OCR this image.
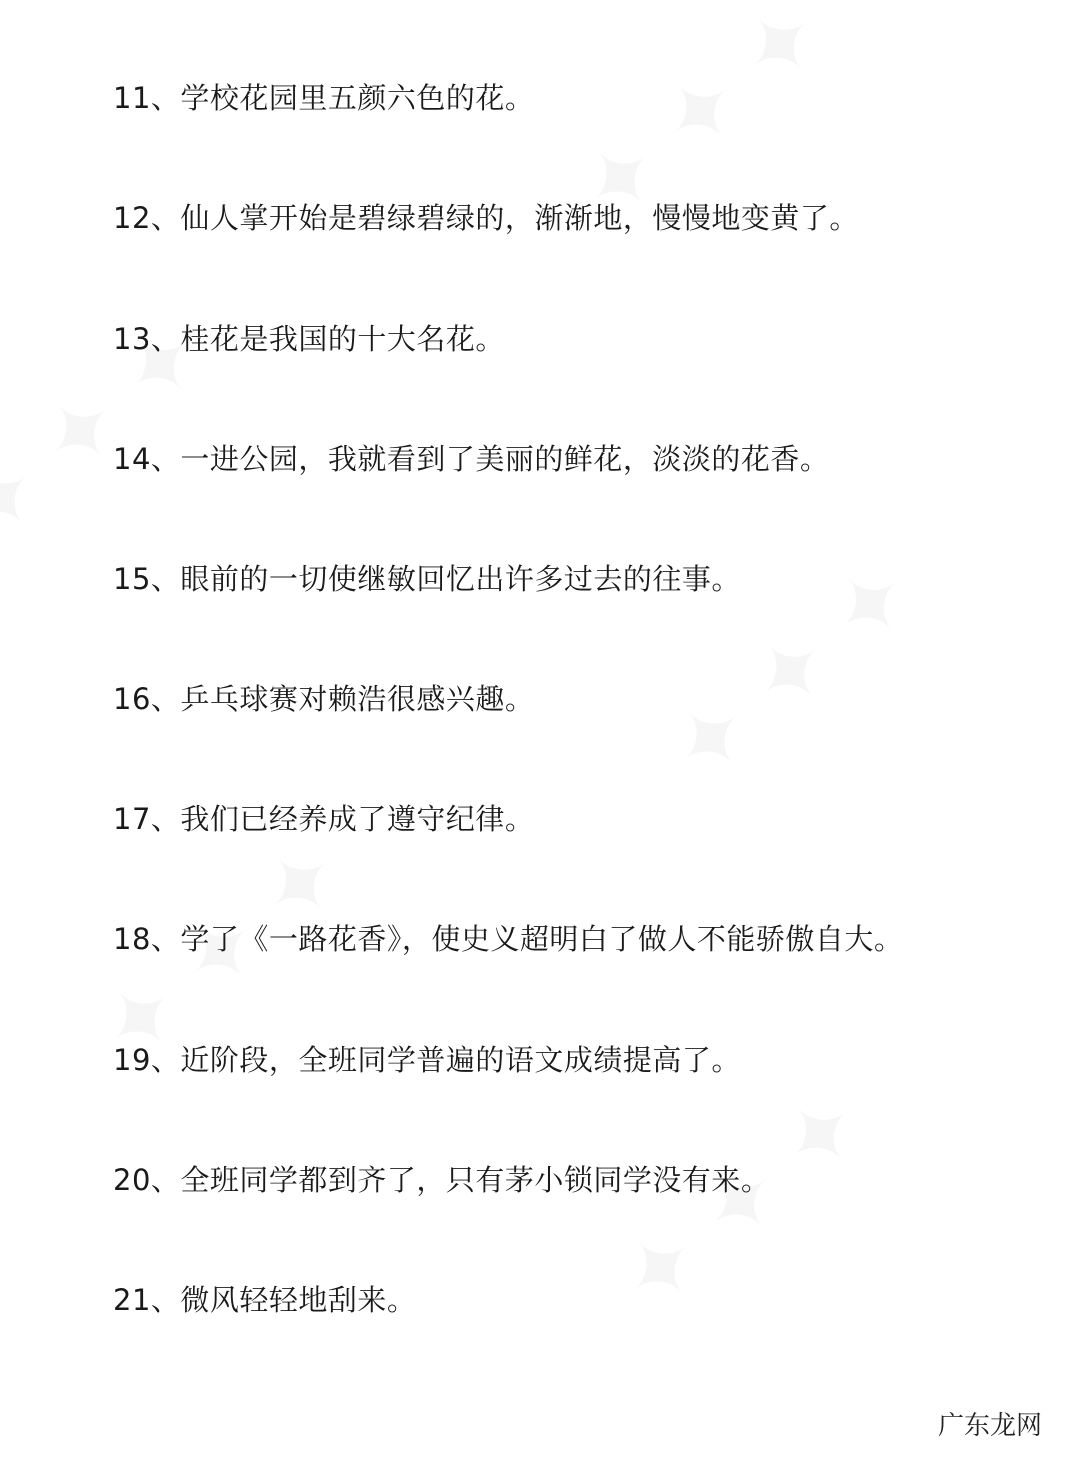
11、学校花园里五颜六色的花。
12、仙人掌开始是碧绿碧绿的，渐渐地，慢慢地变黄了。
13、桂花是我国的十大名花。
14、一进公园，我就看到了美丽的鲜花，淡淡的花香。
15、眼前的一切使继敏回忆出许多过去的往事。
16、乒乓球赛对赖浩很感兴趣。
17、我们已经养成了遵守纪律。
18、学了《一路花香》，使史义超明白了做人不能骄傲自大。
19、近阶段，全班同学普遍的语文成绩提高了。
20、全班同学都到齐了，只有茅小锁同学没有来。
21、微风轻轻地刮来。
广东龙网
